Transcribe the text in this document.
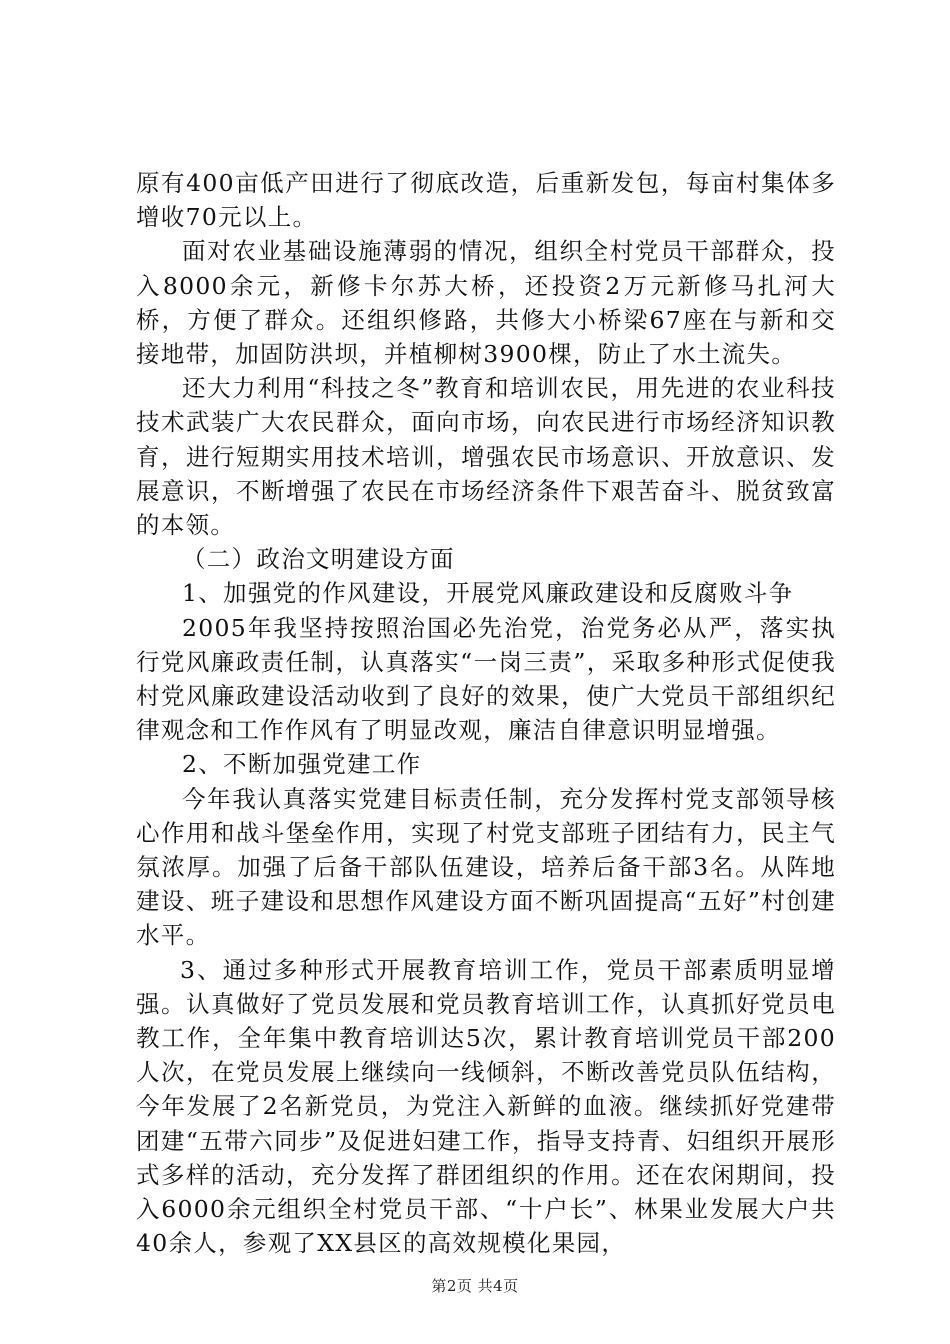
原有400亩低产田进行了彻底改造，后重新发包，每亩村集体多增收70元以上。

面对农业基础设施薄弱的情况，组织全村党员干部群众，投入8000余元，新修卡尔苏大桥，还投资2万元新修马扎河大桥，方便了群众。还组织修路，共修大小桥梁67座在与新和交接地带，加固防洪坝，并植柳树3900棵，防止了水土流失。

还大力利用“科技之冬”教育和培训农民，用先进的农业科技技术武装广大农民群众，面向市场，向农民进行市场经济知识教育，进行短期实用技术培训，增强农民市场意识、开放意识、发展意识，不断增强了农民在市场经济条件下艰苦奋斗、脱贫致富的本领。

（二）政治文明建设方面

1、加强党的作风建设，开展党风廉政建设和反腐败斗争

2005年我坚持按照治国必先治党，治党务必从严，落实执行党风廉政责任制，认真落实“一岗三责”，采取多种形式促使我村党风廉政建设活动收到了良好的效果，使广大党员干部组织纪律观念和工作作风有了明显改观，廉洁自律意识明显增强。

2、不断加强党建工作

今年我认真落实党建目标责任制，充分发挥村党支部领导核心作用和战斗堡垒作用，实现了村党支部班子团结有力，民主气氛浓厚。加强了后备干部队伍建设，培养后备干部3名。从阵地建设、班子建设和思想作风建设方面不断巩固提高“五好”村创建水平。

3、通过多种形式开展教育培训工作，党员干部素质明显增强。认真做好了党员发展和党员教育培训工作，认真抓好党员电教工作，全年集中教育培训达5次，累计教育培训党员干部200人次，在党员发展上继续向一线倾斜，不断改善党员队伍结构，今年发展了2名新党员，为党注入新鲜的血液。继续抓好党建带团建“五带六同步”及促进妇建工作，指导支持青、妇组织开展形式多样的活动，充分发挥了群团组织的作用。还在农闲期间，投入6000余元组织全村党员干部、“十户长”、林果业发展大户共40余人，参观了XX县区的高效规模化果园，

第2页 共4页
